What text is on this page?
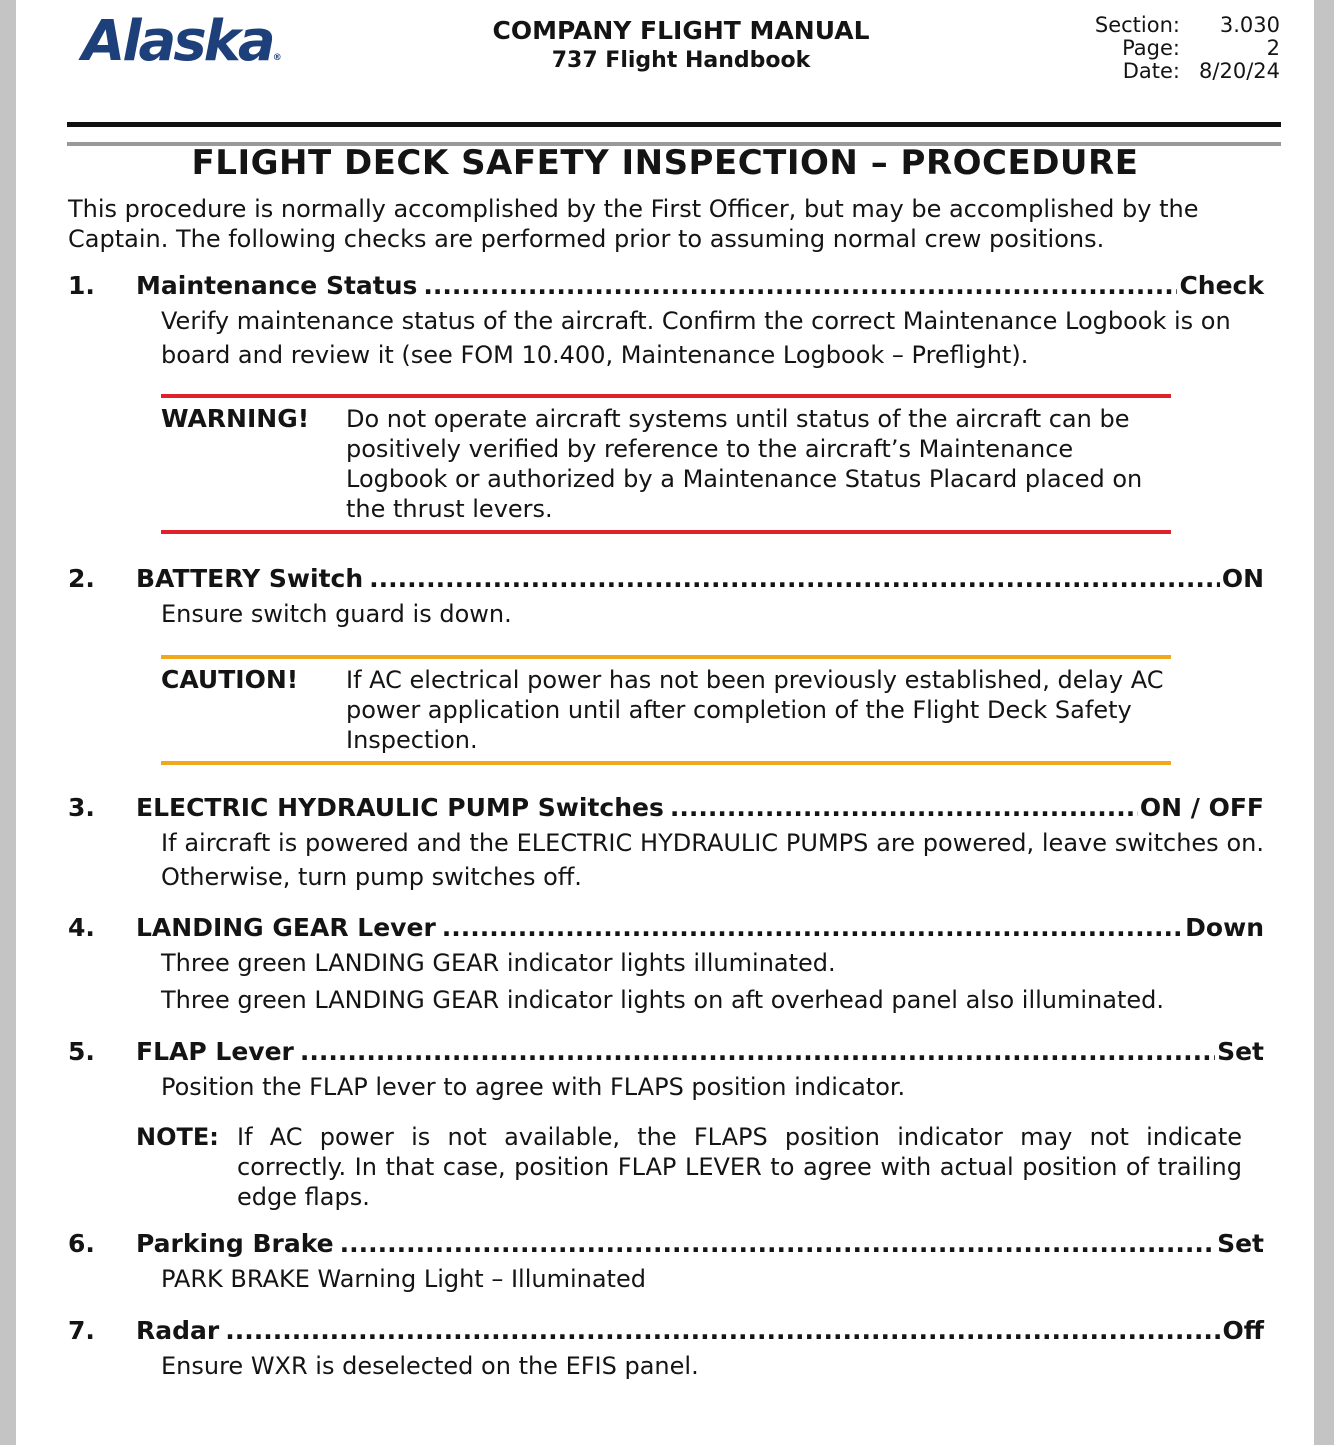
Alaska®
COMPANY FLIGHT MANUAL
737 Flight Handbook
Section:	3.030
Page:	2
Date: 8/20/24
FLIGHT DECK SAFETY INSPECTION – PROCEDURE
This procedure is normally accomplished by the First Officer, but may be accomplished by the Captain. The following checks are performed prior to assuming normal crew positions.
1.	Maintenance Status .....	Check
Verify maintenance status of the aircraft. Confirm the correct Maintenance Logbook is on board and review it (see FOM 10.400, Maintenance Logbook – Preflight).
WARNING!	Do not operate aircraft systems until status of the aircraft can be positively verified by reference to the aircraft’s Maintenance Logbook or authorized by a Maintenance Status Placard placed on the thrust levers.
2.	BATTERY Switch .....	ON
Ensure switch guard is down.
CAUTION!	If AC electrical power has not been previously established, delay AC power application until after completion of the Flight Deck Safety Inspection.
3.	ELECTRIC HYDRAULIC PUMP Switches .....	ON / OFF
If aircraft is powered and the ELECTRIC HYDRAULIC PUMPS are powered, leave switches on. Otherwise, turn pump switches off.
4.	LANDING GEAR Lever .....	Down
Three green LANDING GEAR indicator lights illuminated.
Three green LANDING GEAR indicator lights on aft overhead panel also illuminated.
5.	FLAP Lever .....	Set
Position the FLAP lever to agree with FLAPS position indicator.
NOTE: If AC power is not available, the FLAPS position indicator may not indicate correctly. In that case, position FLAP LEVER to agree with actual position of trailing edge flaps.
6.	Parking Brake .....	Set
PARK BRAKE Warning Light – Illuminated
7.	Radar .....	Off
Ensure WXR is deselected on the EFIS panel.
